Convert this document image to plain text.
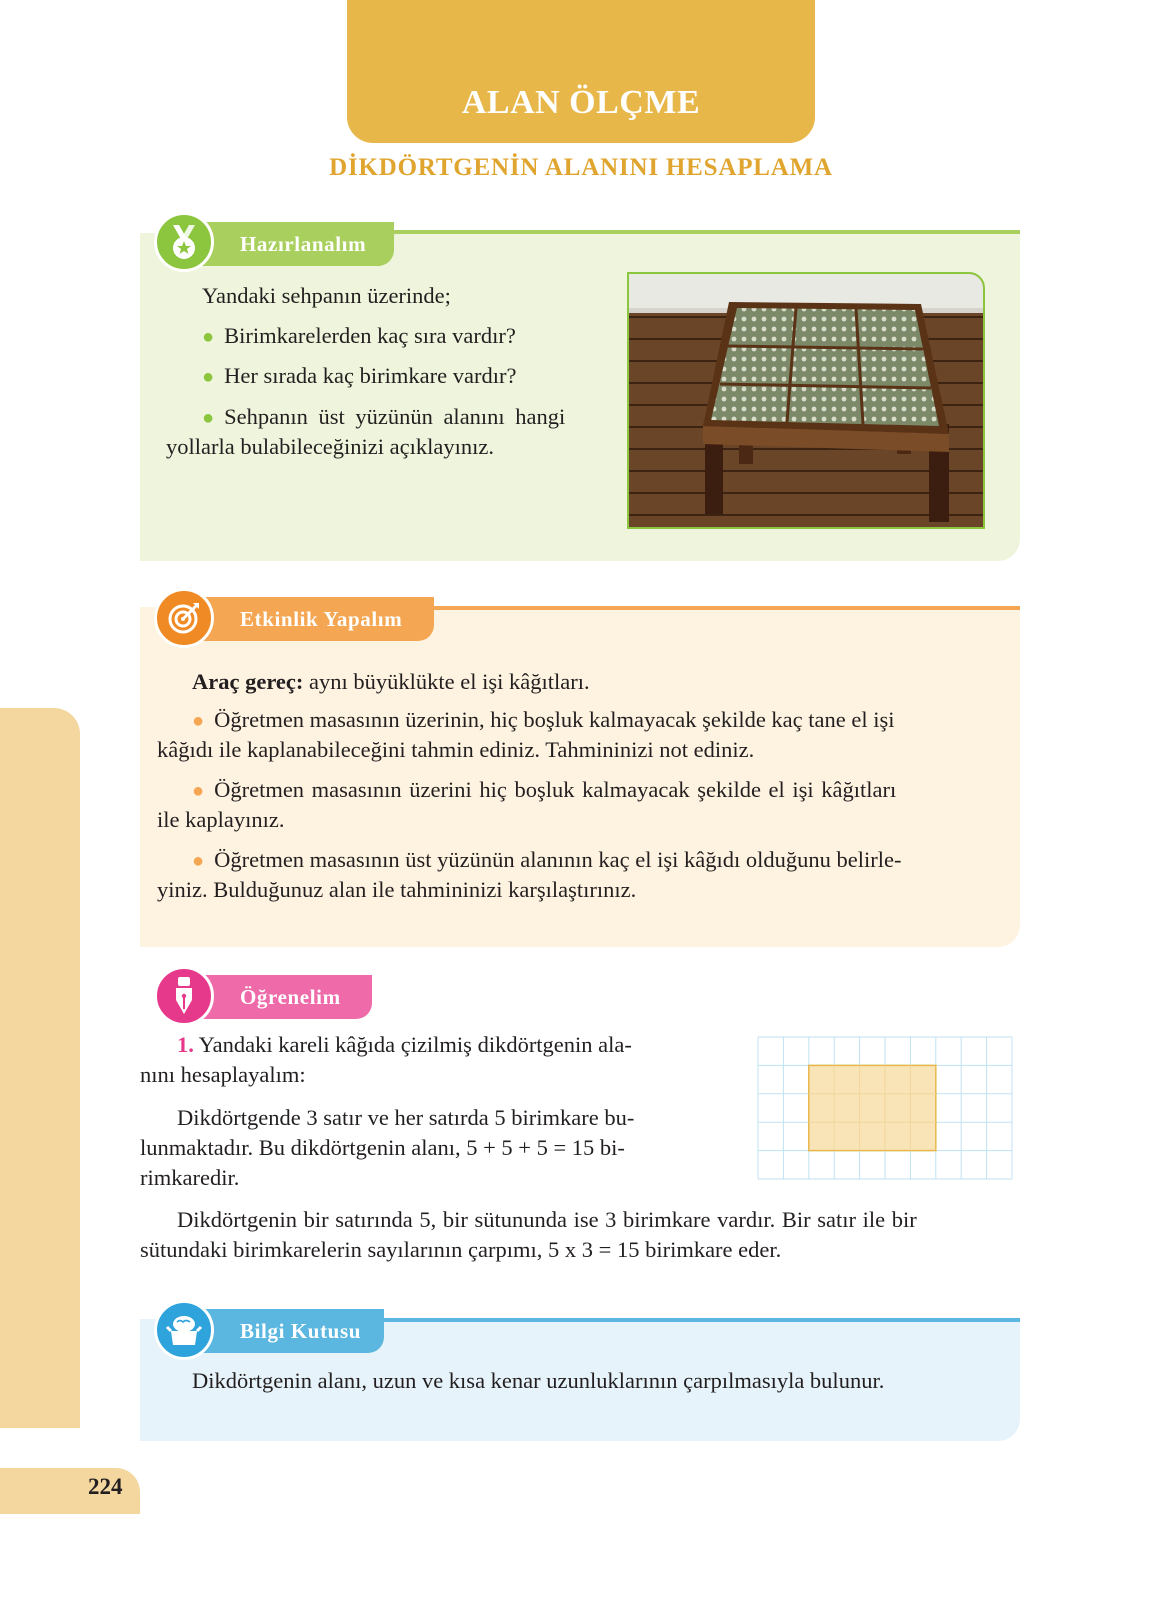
ALAN ÖLÇME
DİKDÖRTGENİN ALANINI HESAPLAMA
224
Hazırlanalım
Yandaki sehpanın üzerinde;
● Birimkarelerden kaç sıra vardır?
● Her sırada kaç birimkare vardır?
● Sehpanın üst yüzünün alanını hangi
yollarla bulabileceğinizi açıklayınız.
Etkinlik Yapalım
Araç gereç: aynı büyüklükte el işi kâğıtları.
● Öğretmen masasının üzerinin, hiç boşluk kalmayacak şekilde kaç tane el işi
kâğıdı ile kaplanabileceğini tahmin ediniz. Tahmininizi not ediniz.
● Öğretmen masasının üzerini hiç boşluk kalmayacak şekilde el işi kâğıtları
ile kaplayınız.
● Öğretmen masasının üst yüzünün alanının kaç el işi kâğıdı olduğunu belirle-
yiniz. Bulduğunuz alan ile tahmininizi karşılaştırınız.
Öğrenelim
1. Yandaki kareli kâğıda çizilmiş dikdörtgenin ala-
nını hesaplayalım:
Dikdörtgende 3 satır ve her satırda 5 birimkare bu-
lunmaktadır. Bu dikdörtgenin alanı, 5 + 5 + 5 = 15 bi-
rimkaredir.
Dikdörtgenin bir satırında 5, bir sütununda ise 3 birimkare vardır. Bir satır ile bir
sütundaki birimkarelerin sayılarının çarpımı, 5 x 3 = 15 birimkare eder.
Bilgi Kutusu
Dikdörtgenin alanı, uzun ve kısa kenar uzunluklarının çarpılmasıyla bulunur.
